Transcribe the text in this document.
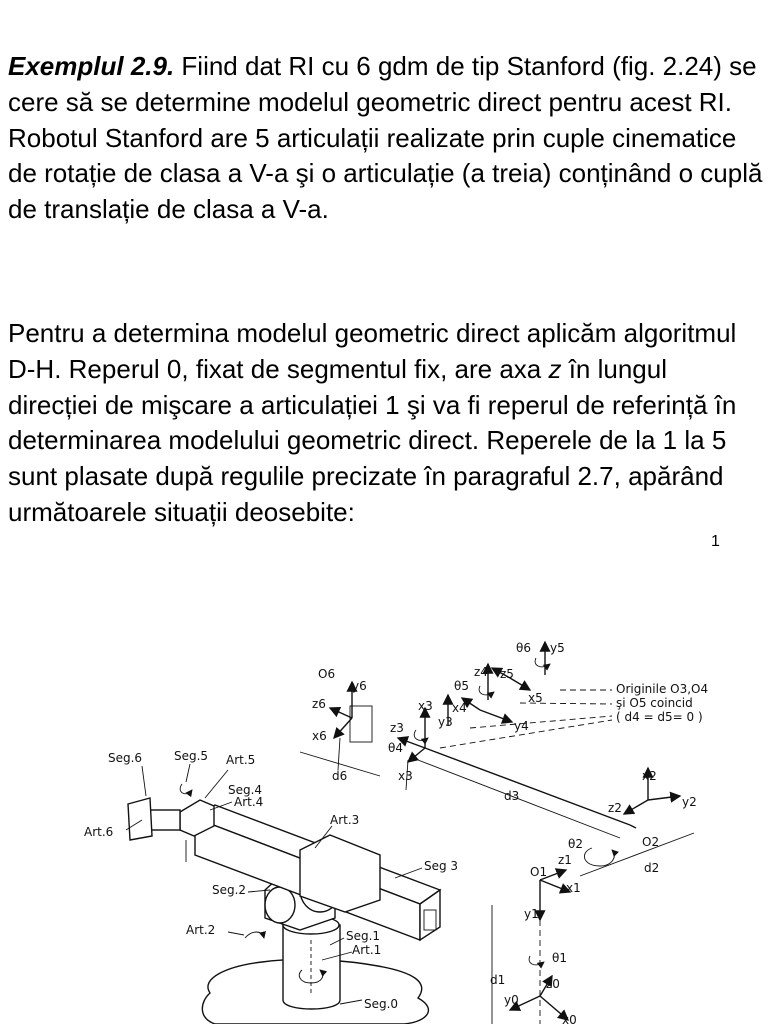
Exemplul 2.9. Fiind dat RI cu 6 gdm de tip Stanford (fig. 2.24) se cere să se determine modelul geometric direct pentru acest RI. Robotul Stanford are 5 articulații realizate prin cuple cinematice de rotație de clasa a V-a şi o articulație (a treia) conținând o cuplă de translație de clasa a V-a.

Pentru a determina modelul geometric direct aplicăm algoritmul D-H. Reperul 0, fixat de segmentul fix, are axa z în lungul direcției de mişcare a articulației 1 şi va fi reperul de referință în determinarea modelului geometric direct. Reperele de la 1 la 5 sunt plasate după regulile precizate în paragraful 2.7, apărând următoarele situații deosebite:

1
Seg.6	Seg.5 Art.5
Seg.4
Art.4
Art.6
Art.3
Seg 3
Seg.2
Art.2	Seg.1
Art.1
Seg.0
O6
y6
z6
x6
z3
x3
x3
θ4
d6
d3
y3
x4
y4
θ5
z4 z5
x5
θ6 y5
Originile O3,O4
şi O5 coincid
( d4 = d5= 0 )
x2
z2	y2
θ2	O2
d2
O1
z1
x1
y1
θ1
d1	z0
y0
x0
